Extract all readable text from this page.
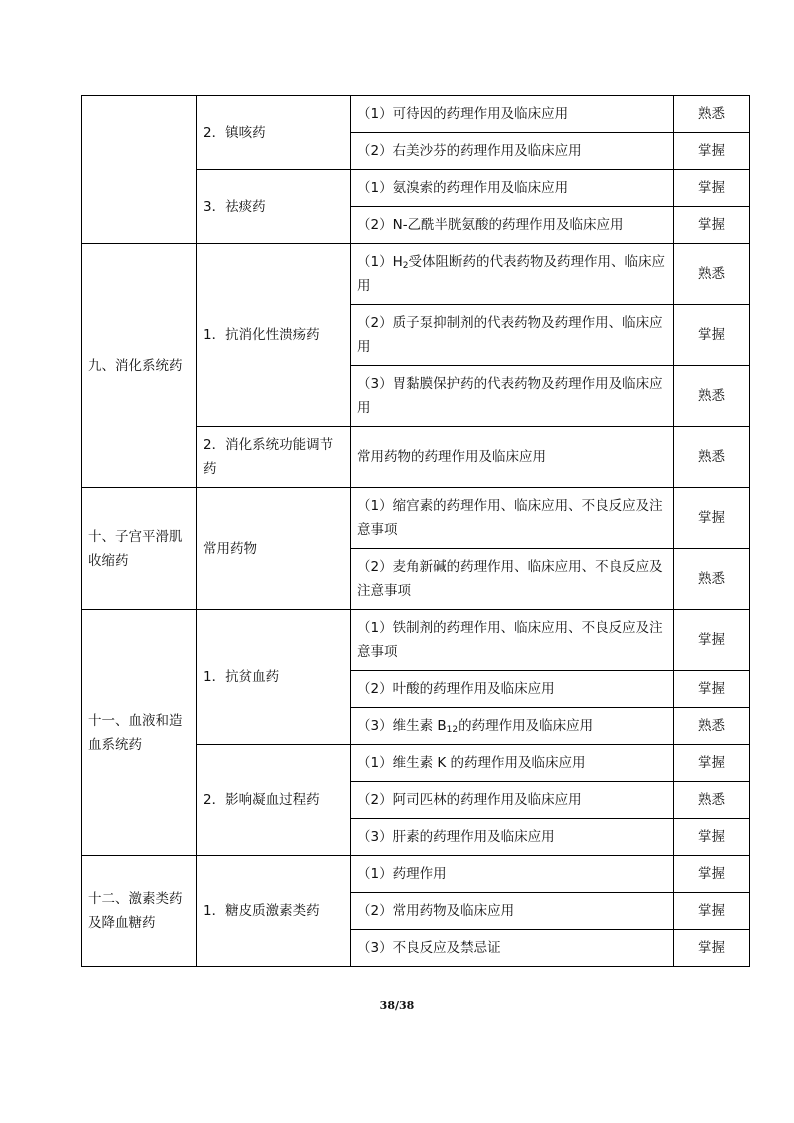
	2．镇咳药	（1）可待因的药理作用及临床应用	熟悉
		（2）右美沙芬的药理作用及临床应用	掌握
	3．祛痰药	（1）氨溴索的药理作用及临床应用	掌握
		（2）N-乙酰半胱氨酸的药理作用及临床应用	掌握
九、消化系统药	1．抗消化性溃疡药	$(1)H_2$受体阻断药的代表药物及药理作用、临床应用	熟悉
		（2）质子泵抑制剂的代表药物及药理作用、临床应用	掌握
		（3）胃黏膜保护药的代表药物及药理作用及临床应用	熟悉
	2．消化系统功能调节药	常用药物的药理作用及临床应用	熟悉
十、子宫平滑肌收缩药	常用药物	（1）缩宫素的药理作用、临床应用、不良反应及注意事项	掌握
		（2）麦角新碱的药理作用、临床应用、不良反应及注意事项	熟悉
十一、血液和造血系统药	1．抗贫血药	（1）铁制剂的药理作用、临床应用、不良反应及注意事项	掌握
		（2）叶酸的药理作用及临床应用	掌握
		（3）维生素 $B_{12}$的药理作用及临床应用	熟悉
	2．影响凝血过程药	（1）维生素 K 的药理作用及临床应用	掌握
		（2）阿司匹林的药理作用及临床应用	熟悉
		（3）肝素的药理作用及临床应用	掌握
十二、激素类药及降血糖药	1．糖皮质激素类药	（1）药理作用	掌握
		（2）常用药物及临床应用	掌握
		（3）不良反应及禁忌证	掌握
38/38
